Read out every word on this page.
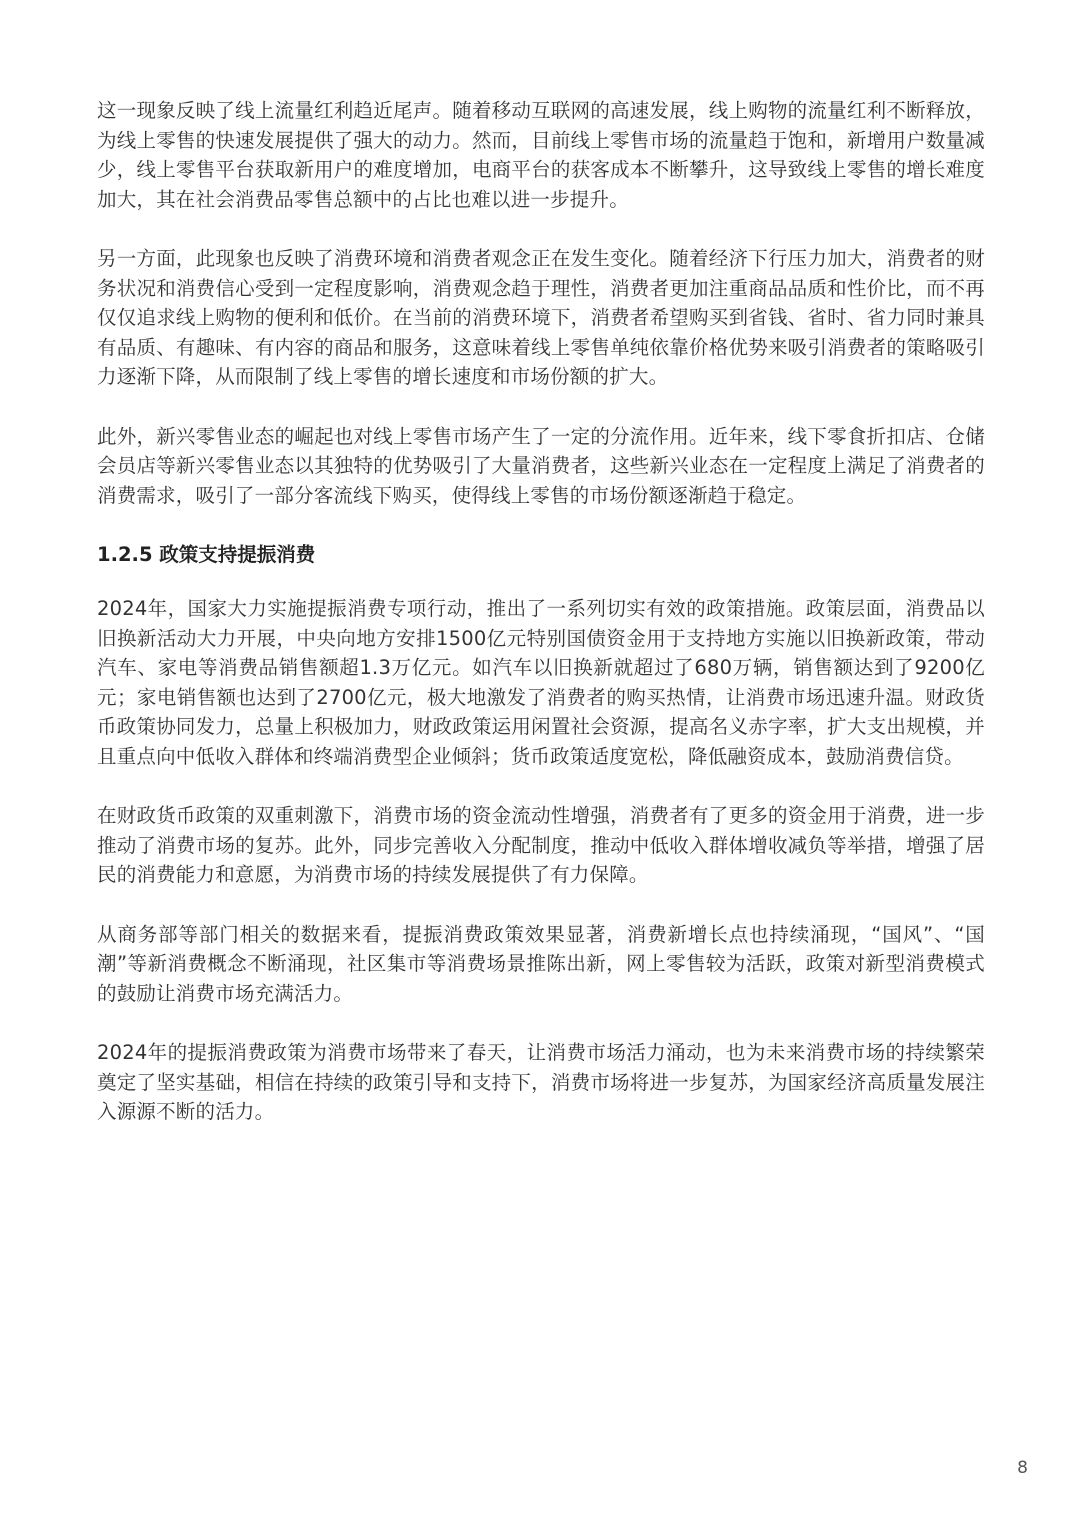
这一现象反映了线上流量红利趋近尾声。随着移动互联网的高速发展，线上购物的流量红利不断释放，为线上零售的快速发展提供了强大的动力。然而，目前线上零售市场的流量趋于饱和，新增用户数量减少，线上零售平台获取新用户的难度增加，电商平台的获客成本不断攀升，这导致线上零售的增长难度加大，其在社会消费品零售总额中的占比也难以进一步提升。

另一方面，此现象也反映了消费环境和消费者观念正在发生变化。随着经济下行压力加大，消费者的财务状况和消费信心受到一定程度影响，消费观念趋于理性，消费者更加注重商品品质和性价比，而不再仅仅追求线上购物的便利和低价。在当前的消费环境下，消费者希望购买到省钱、省时、省力同时兼具有品质、有趣味、有内容的商品和服务，这意味着线上零售单纯依靠价格优势来吸引消费者的策略吸引力逐渐下降，从而限制了线上零售的增长速度和市场份额的扩大。

此外，新兴零售业态的崛起也对线上零售市场产生了一定的分流作用。近年来，线下零食折扣店、仓储会员店等新兴零售业态以其独特的优势吸引了大量消费者，这些新兴业态在一定程度上满足了消费者的消费需求，吸引了一部分客流线下购买，使得线上零售的市场份额逐渐趋于稳定。

1.2.5 政策支持提振消费

2024年，国家大力实施提振消费专项行动，推出了一系列切实有效的政策措施。政策层面，消费品以旧换新活动大力开展，中央向地方安排1500亿元特别国债资金用于支持地方实施以旧换新政策，带动汽车、家电等消费品销售额超1.3万亿元。如汽车以旧换新就超过了680万辆，销售额达到了9200亿元；家电销售额也达到了2700亿元，极大地激发了消费者的购买热情，让消费市场迅速升温。财政货币政策协同发力，总量上积极加力，财政政策运用闲置社会资源，提高名义赤字率，扩大支出规模，并且重点向中低收入群体和终端消费型企业倾斜；货币政策适度宽松，降低融资成本，鼓励消费信贷。

在财政货币政策的双重刺激下，消费市场的资金流动性增强，消费者有了更多的资金用于消费，进一步推动了消费市场的复苏。此外，同步完善收入分配制度，推动中低收入群体增收减负等举措，增强了居民的消费能力和意愿，为消费市场的持续发展提供了有力保障。

从商务部等部门相关的数据来看，提振消费政策效果显著，消费新增长点也持续涌现，“国风”、“国潮”等新消费概念不断涌现，社区集市等消费场景推陈出新，网上零售较为活跃，政策对新型消费模式的鼓励让消费市场充满活力。

2024年的提振消费政策为消费市场带来了春天，让消费市场活力涌动，也为未来消费市场的持续繁荣奠定了坚实基础，相信在持续的政策引导和支持下，消费市场将进一步复苏，为国家经济高质量发展注入源源不断的活力。

8
